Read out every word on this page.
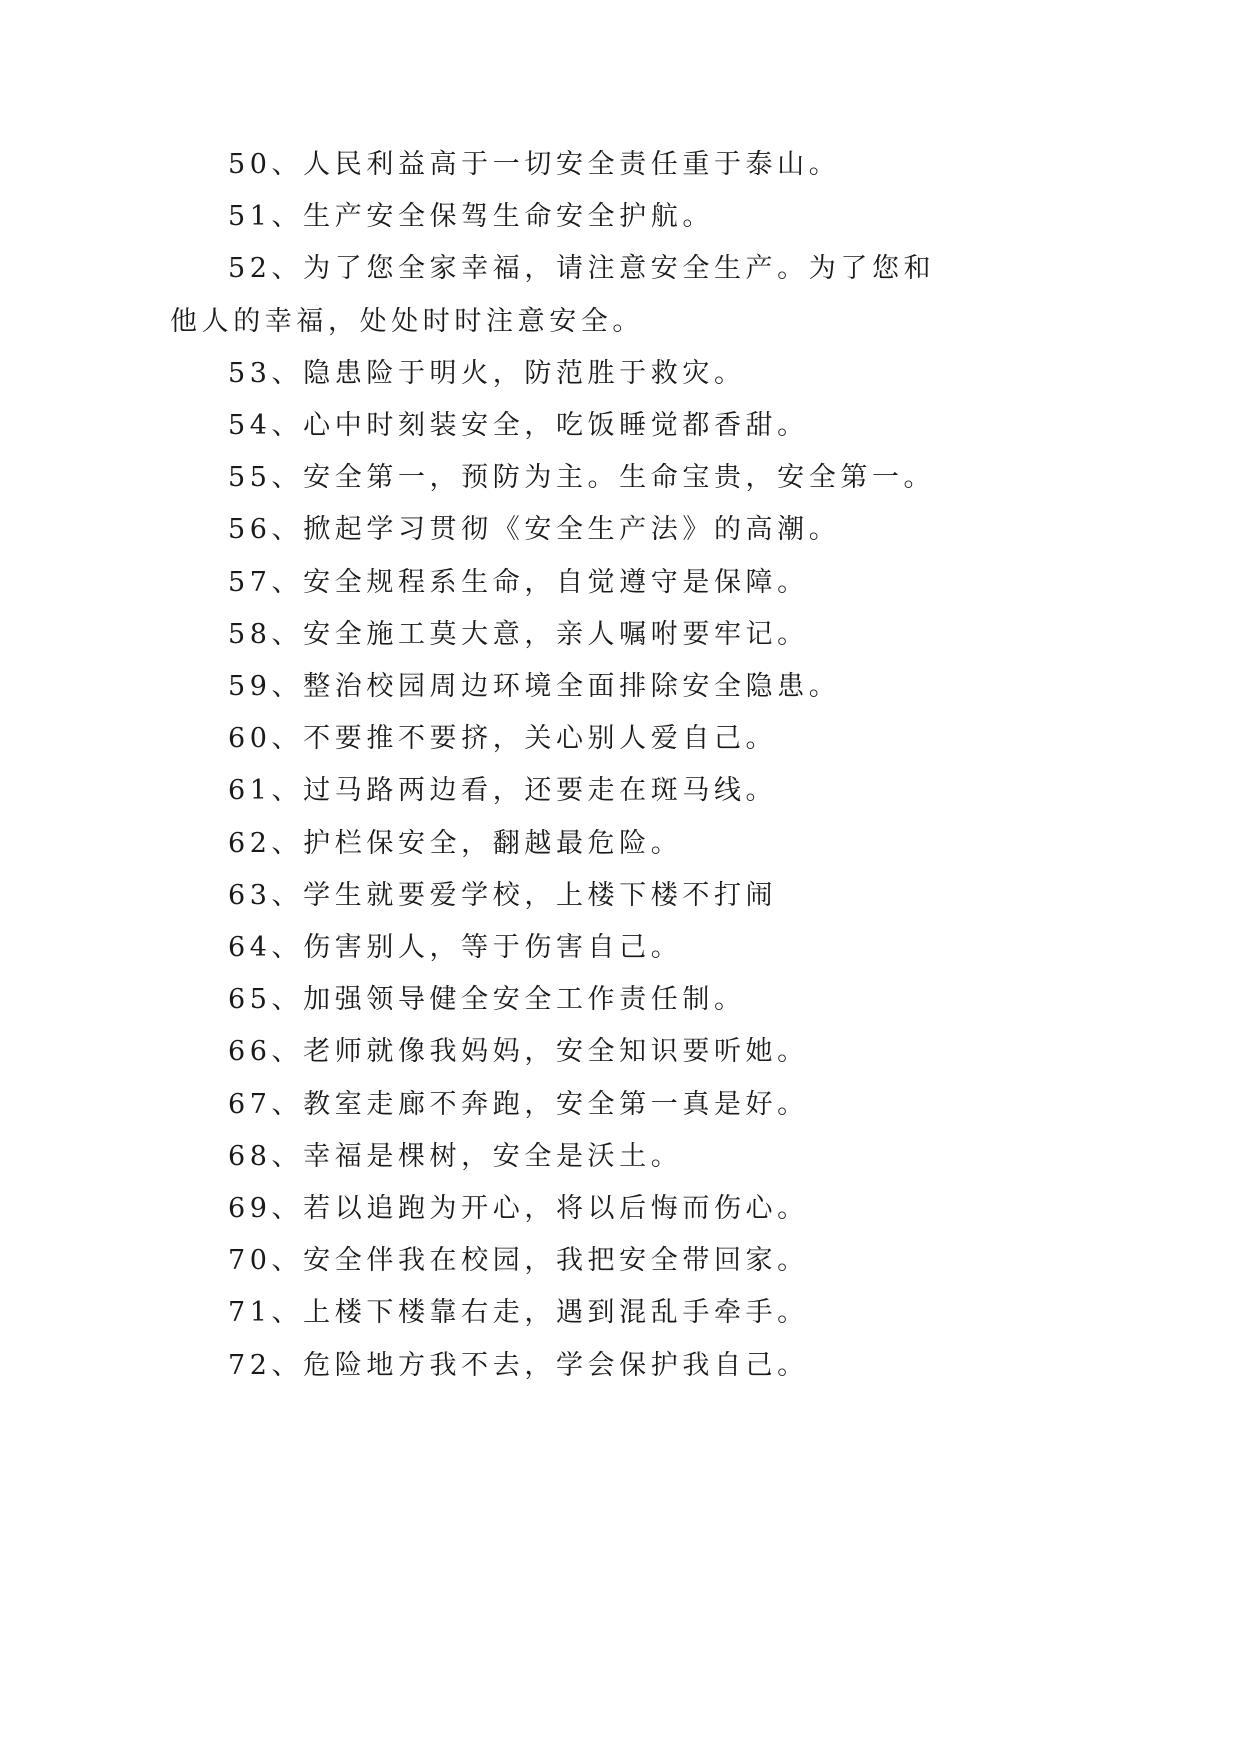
50、人民利益高于一切安全责任重于泰山。

51、生产安全保驾生命安全护航。

52、为了您全家幸福，请注意安全生产。为了您和他人的幸福，处处时时注意安全。

53、隐患险于明火，防范胜于救灾。

54、心中时刻装安全，吃饭睡觉都香甜。

55、安全第一，预防为主。生命宝贵，安全第一。

56、掀起学习贯彻《安全生产法》的高潮。

57、安全规程系生命，自觉遵守是保障。

58、安全施工莫大意，亲人嘱咐要牢记。

59、整治校园周边环境全面排除安全隐患。

60、不要推不要挤，关心别人爱自己。

61、过马路两边看，还要走在斑马线。

62、护栏保安全，翻越最危险。

63、学生就要爱学校，上楼下楼不打闹

64、伤害别人，等于伤害自己。

65、加强领导健全安全工作责任制。

66、老师就像我妈妈，安全知识要听她。

67、教室走廊不奔跑，安全第一真是好。

68、幸福是棵树，安全是沃土。

69、若以追跑为开心，将以后悔而伤心。

70、安全伴我在校园，我把安全带回家。

71、上楼下楼靠右走，遇到混乱手牵手。

72、危险地方我不去，学会保护我自己。
